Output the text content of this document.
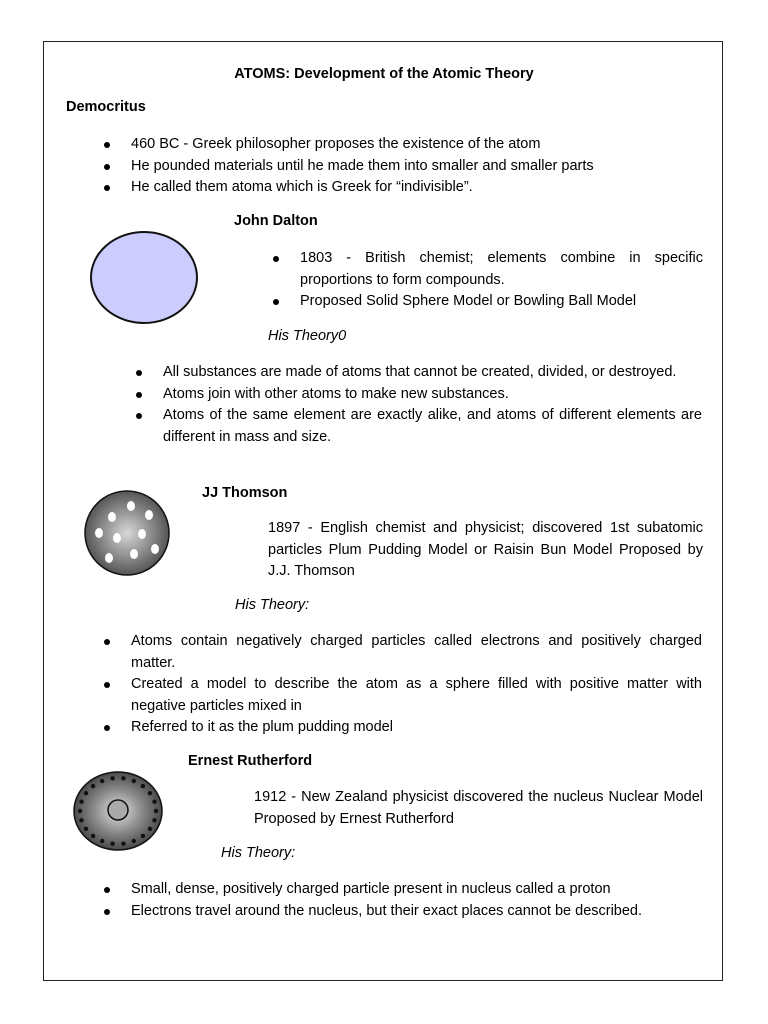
ATOMS: Development of the Atomic Theory
Democritus
460 BC - Greek philosopher proposes the existence of the atom
He pounded materials until he made them into smaller and smaller parts
He called them atoma which is Greek for “indivisible”.
John Dalton
1803 - British chemist; elements combine in specific proportions to form compounds.
Proposed Solid Sphere Model or Bowling Ball Model
His Theory0
All substances are made of atoms that cannot be created, divided, or destroyed.
Atoms join with other atoms to make new substances.
Atoms of the same element are exactly alike, and atoms of different elements are different in mass and size.
JJ Thomson
1897 - English chemist and physicist; discovered 1st subatomic particles Plum Pudding Model or Raisin Bun Model Proposed by J.J. Thomson
His Theory:
Atoms contain negatively charged particles called electrons and positively charged matter.
Created a model to describe the atom as a sphere filled with positive matter with negative particles mixed in
Referred to it as the plum pudding model
Ernest Rutherford
1912 - New Zealand physicist discovered the nucleus Nuclear Model Proposed by Ernest Rutherford
His Theory:
Small, dense, positively charged particle present in nucleus called a proton
Electrons travel around the nucleus, but their exact places cannot be described.
